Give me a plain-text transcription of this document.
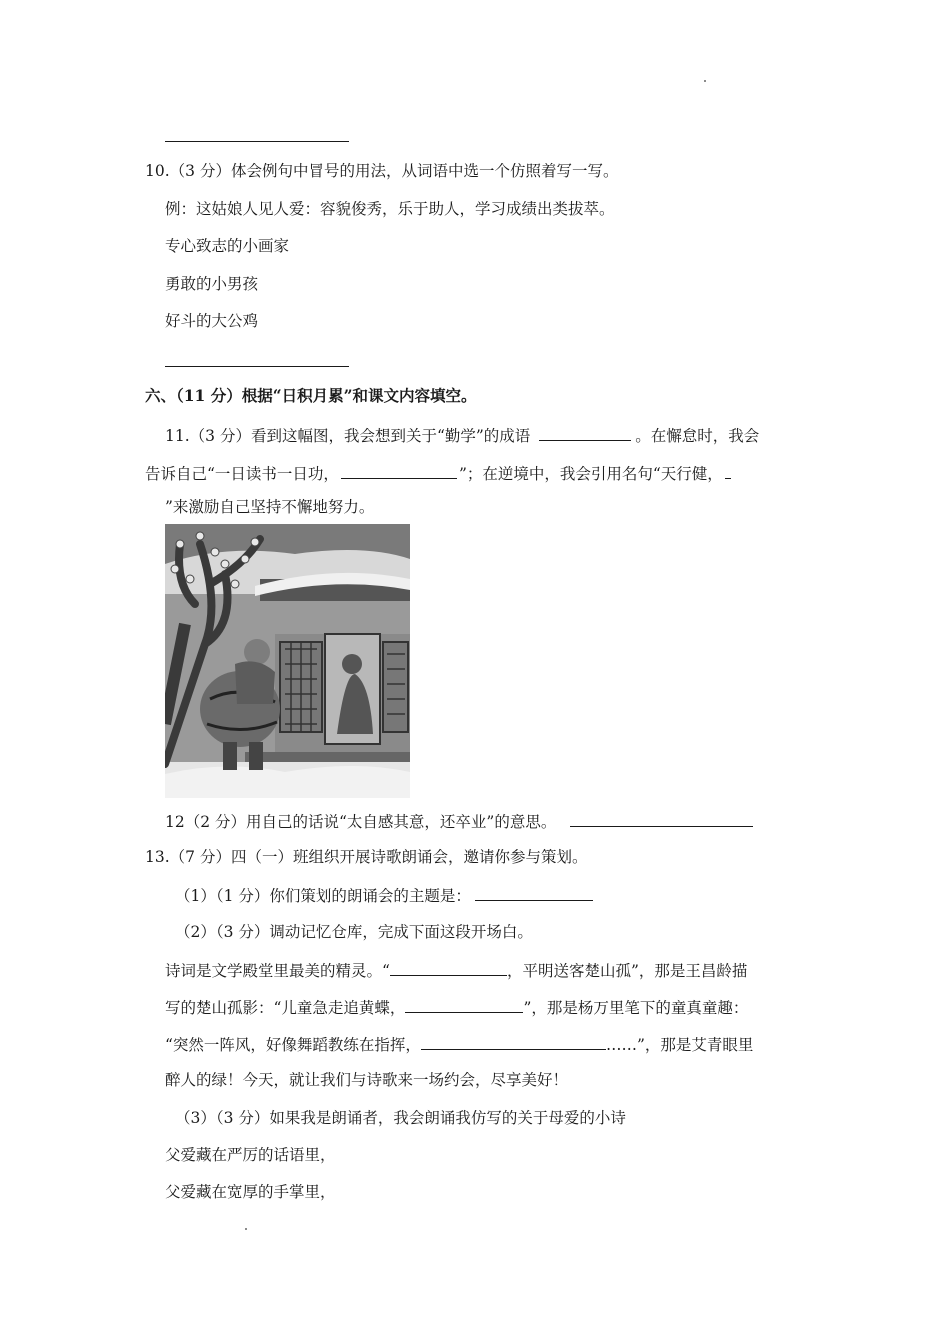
10.（3 分）体会例句中冒号的用法，从词语中选一个仿照着写一写。
例：这姑娘人见人爱：容貌俊秀，乐于助人，学习成绩出类拔萃。
专心致志的小画家
勇敢的小男孩
好斗的大公鸡
六、（11 分）根据“日积月累”和课文内容填空。
11.（3 分）看到这幅图，我会想到关于“勤学”的成语	。在懈怠时，我会
告诉自己“一日读书一日功，	”；在逆境中，我会引用名句“天行健，
”来激励自己坚持不懈地努力。
12（2 分）用自己的话说“太自感其意，还卒业”的意思。
13.（7 分）四（一）班组织开展诗歌朗诵会，邀请你参与策划。
（1）（1 分）你们策划的朗诵会的主题是：
（2）（3 分）调动记忆仓库，完成下面这段开场白。
诗词是文学殿堂里最美的精灵。“	，平明送客楚山孤”，那是王昌龄描
写的楚山孤影：“儿童急走追黄蝶，	”，那是杨万里笔下的童真童趣：
“突然一阵风，好像舞蹈教练在指挥，	……”，那是艾青眼里
醉人的绿！今天，就让我们与诗歌来一场约会，尽享美好！
（3）（3 分）如果我是朗诵者，我会朗诵我仿写的关于母爱的小诗
父爱藏在严厉的话语里，
父爱藏在宽厚的手掌里，
